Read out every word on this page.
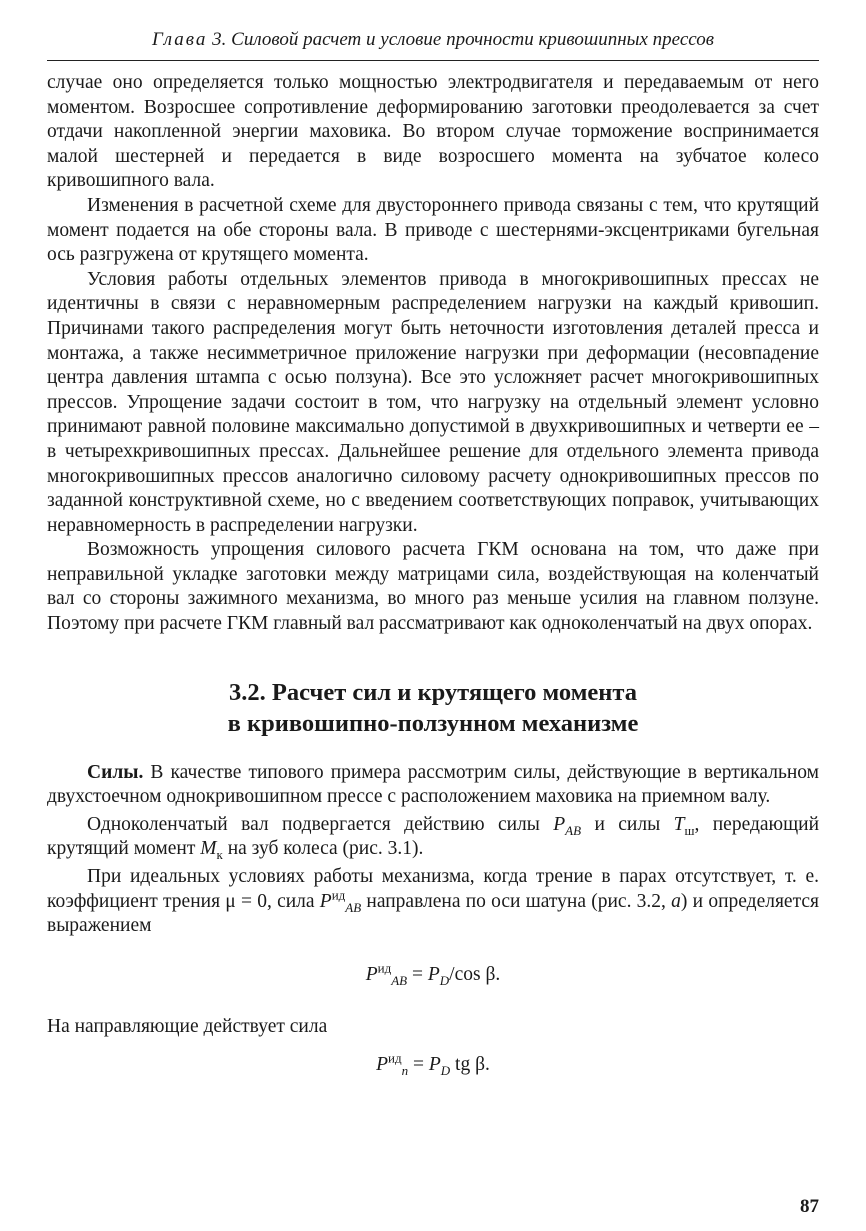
Глава 3. Силовой расчет и условие прочности кривошипных прессов

случае оно определяется только мощностью электродвигателя и передаваемым от него моментом. Возросшее сопротивление деформированию заготовки преодолевается за счет отдачи накопленной энергии маховика. Во втором случае торможение воспринимается малой шестерней и передается в виде возросшего момента на зубчатое колесо кривошипного вала.

Изменения в расчетной схеме для двустороннего привода связаны с тем, что крутящий момент подается на обе стороны вала. В приводе с шестернями-эксцентриками бугельная ось разгружена от крутящего момента.

Условия работы отдельных элементов привода в многокривошипных прессах не идентичны в связи с неравномерным распределением нагрузки на каждый кривошип. Причинами такого распределения могут быть неточности изготовления деталей пресса и монтажа, а также несимметричное приложение нагрузки при деформации (несовпадение центра давления штампа с осью ползуна). Все это усложняет расчет многокривошипных прессов. Упрощение задачи состоит в том, что нагрузку на отдельный элемент условно принимают равной половине максимально допустимой в двухкривошипных и четверти ее – в четырехкривошипных прессах. Дальнейшее решение для отдельного элемента привода многокривошипных прессов аналогично силовому расчету однокривошипных прессов по заданной конструктивной схеме, но с введением соответствующих поправок, учитывающих неравномерность в распределении нагрузки.

Возможность упрощения силового расчета ГКМ основана на том, что даже при неправильной укладке заготовки между матрицами сила, воздействующая на коленчатый вал со стороны зажимного механизма, во много раз меньше усилия на главном ползуне. Поэтому при расчете ГКМ главный вал рассматривают как одноколенчатый на двух опорах.

3.2. Расчет сил и крутящего момента
в кривошипно-ползунном механизме

Силы. В качестве типового примера рассмотрим силы, действующие в вертикальном двухстоечном однокривошипном прессе с расположением маховика на приемном валу.

Одноколенчатый вал подвергается действию силы $P_{AB}$ и силы $T_ш$, передающий крутящий момент $M_к$ на зуб колеса (рис. 3.1).

При идеальных условиях работы механизма, когда трение в парах отсутствует, т. е. коэффициент трения μ = 0, сила $P^{ид}_{AB}$ направлена по оси шатуна (рис. 3.2, а) и определяется выражением

$P^{ид}_{AB} = P_D/\cos$ β.

На направляющие действует сила

$P^{ид}_n = P_D$ tg β.
87
